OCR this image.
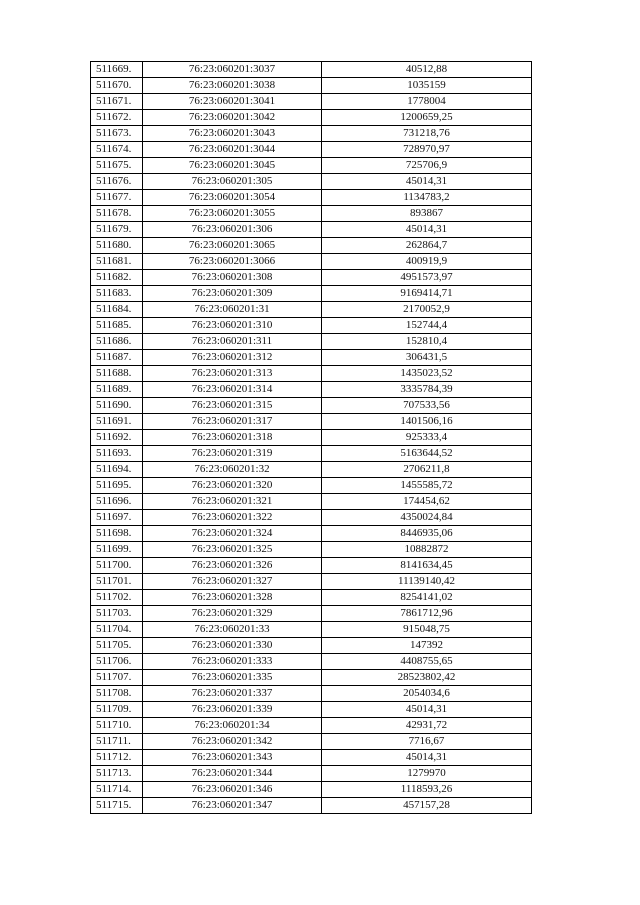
511669.	76:23:060201:3037	40512,88
511670.	76:23:060201:3038	1035159
511671.	76:23:060201:3041	1778004
511672.	76:23:060201:3042	1200659,25
511673.	76:23:060201:3043	731218,76
511674.	76:23:060201:3044	728970,97
511675.	76:23:060201:3045	725706,9
511676.	76:23:060201:305	45014,31
511677.	76:23:060201:3054	1134783,2
511678.	76:23:060201:3055	893867
511679.	76:23:060201:306	45014,31
511680.	76:23:060201:3065	262864,7
511681.	76:23:060201:3066	400919,9
511682.	76:23:060201:308	4951573,97
511683.	76:23:060201:309	9169414,71
511684.	76:23:060201:31	2170052,9
511685.	76:23:060201:310	152744,4
511686.	76:23:060201:311	152810,4
511687.	76:23:060201:312	306431,5
511688.	76:23:060201:313	1435023,52
511689.	76:23:060201:314	3335784,39
511690.	76:23:060201:315	707533,56
511691.	76:23:060201:317	1401506,16
511692.	76:23:060201:318	925333,4
511693.	76:23:060201:319	5163644,52
511694.	76:23:060201:32	2706211,8
511695.	76:23:060201:320	1455585,72
511696.	76:23:060201:321	174454,62
511697.	76:23:060201:322	4350024,84
511698.	76:23:060201:324	8446935,06
511699.	76:23:060201:325	10882872
511700.	76:23:060201:326	8141634,45
511701.	76:23:060201:327	11139140,42
511702.	76:23:060201:328	8254141,02
511703.	76:23:060201:329	7861712,96
511704.	76:23:060201:33	915048,75
511705.	76:23:060201:330	147392
511706.	76:23:060201:333	4408755,65
511707.	76:23:060201:335	28523802,42
511708.	76:23:060201:337	2054034,6
511709.	76:23:060201:339	45014,31
511710.	76:23:060201:34	42931,72
511711.	76:23:060201:342	7716,67
511712.	76:23:060201:343	45014,31
511713.	76:23:060201:344	1279970
511714.	76:23:060201:346	1118593,26
511715.	76:23:060201:347	457157,28
